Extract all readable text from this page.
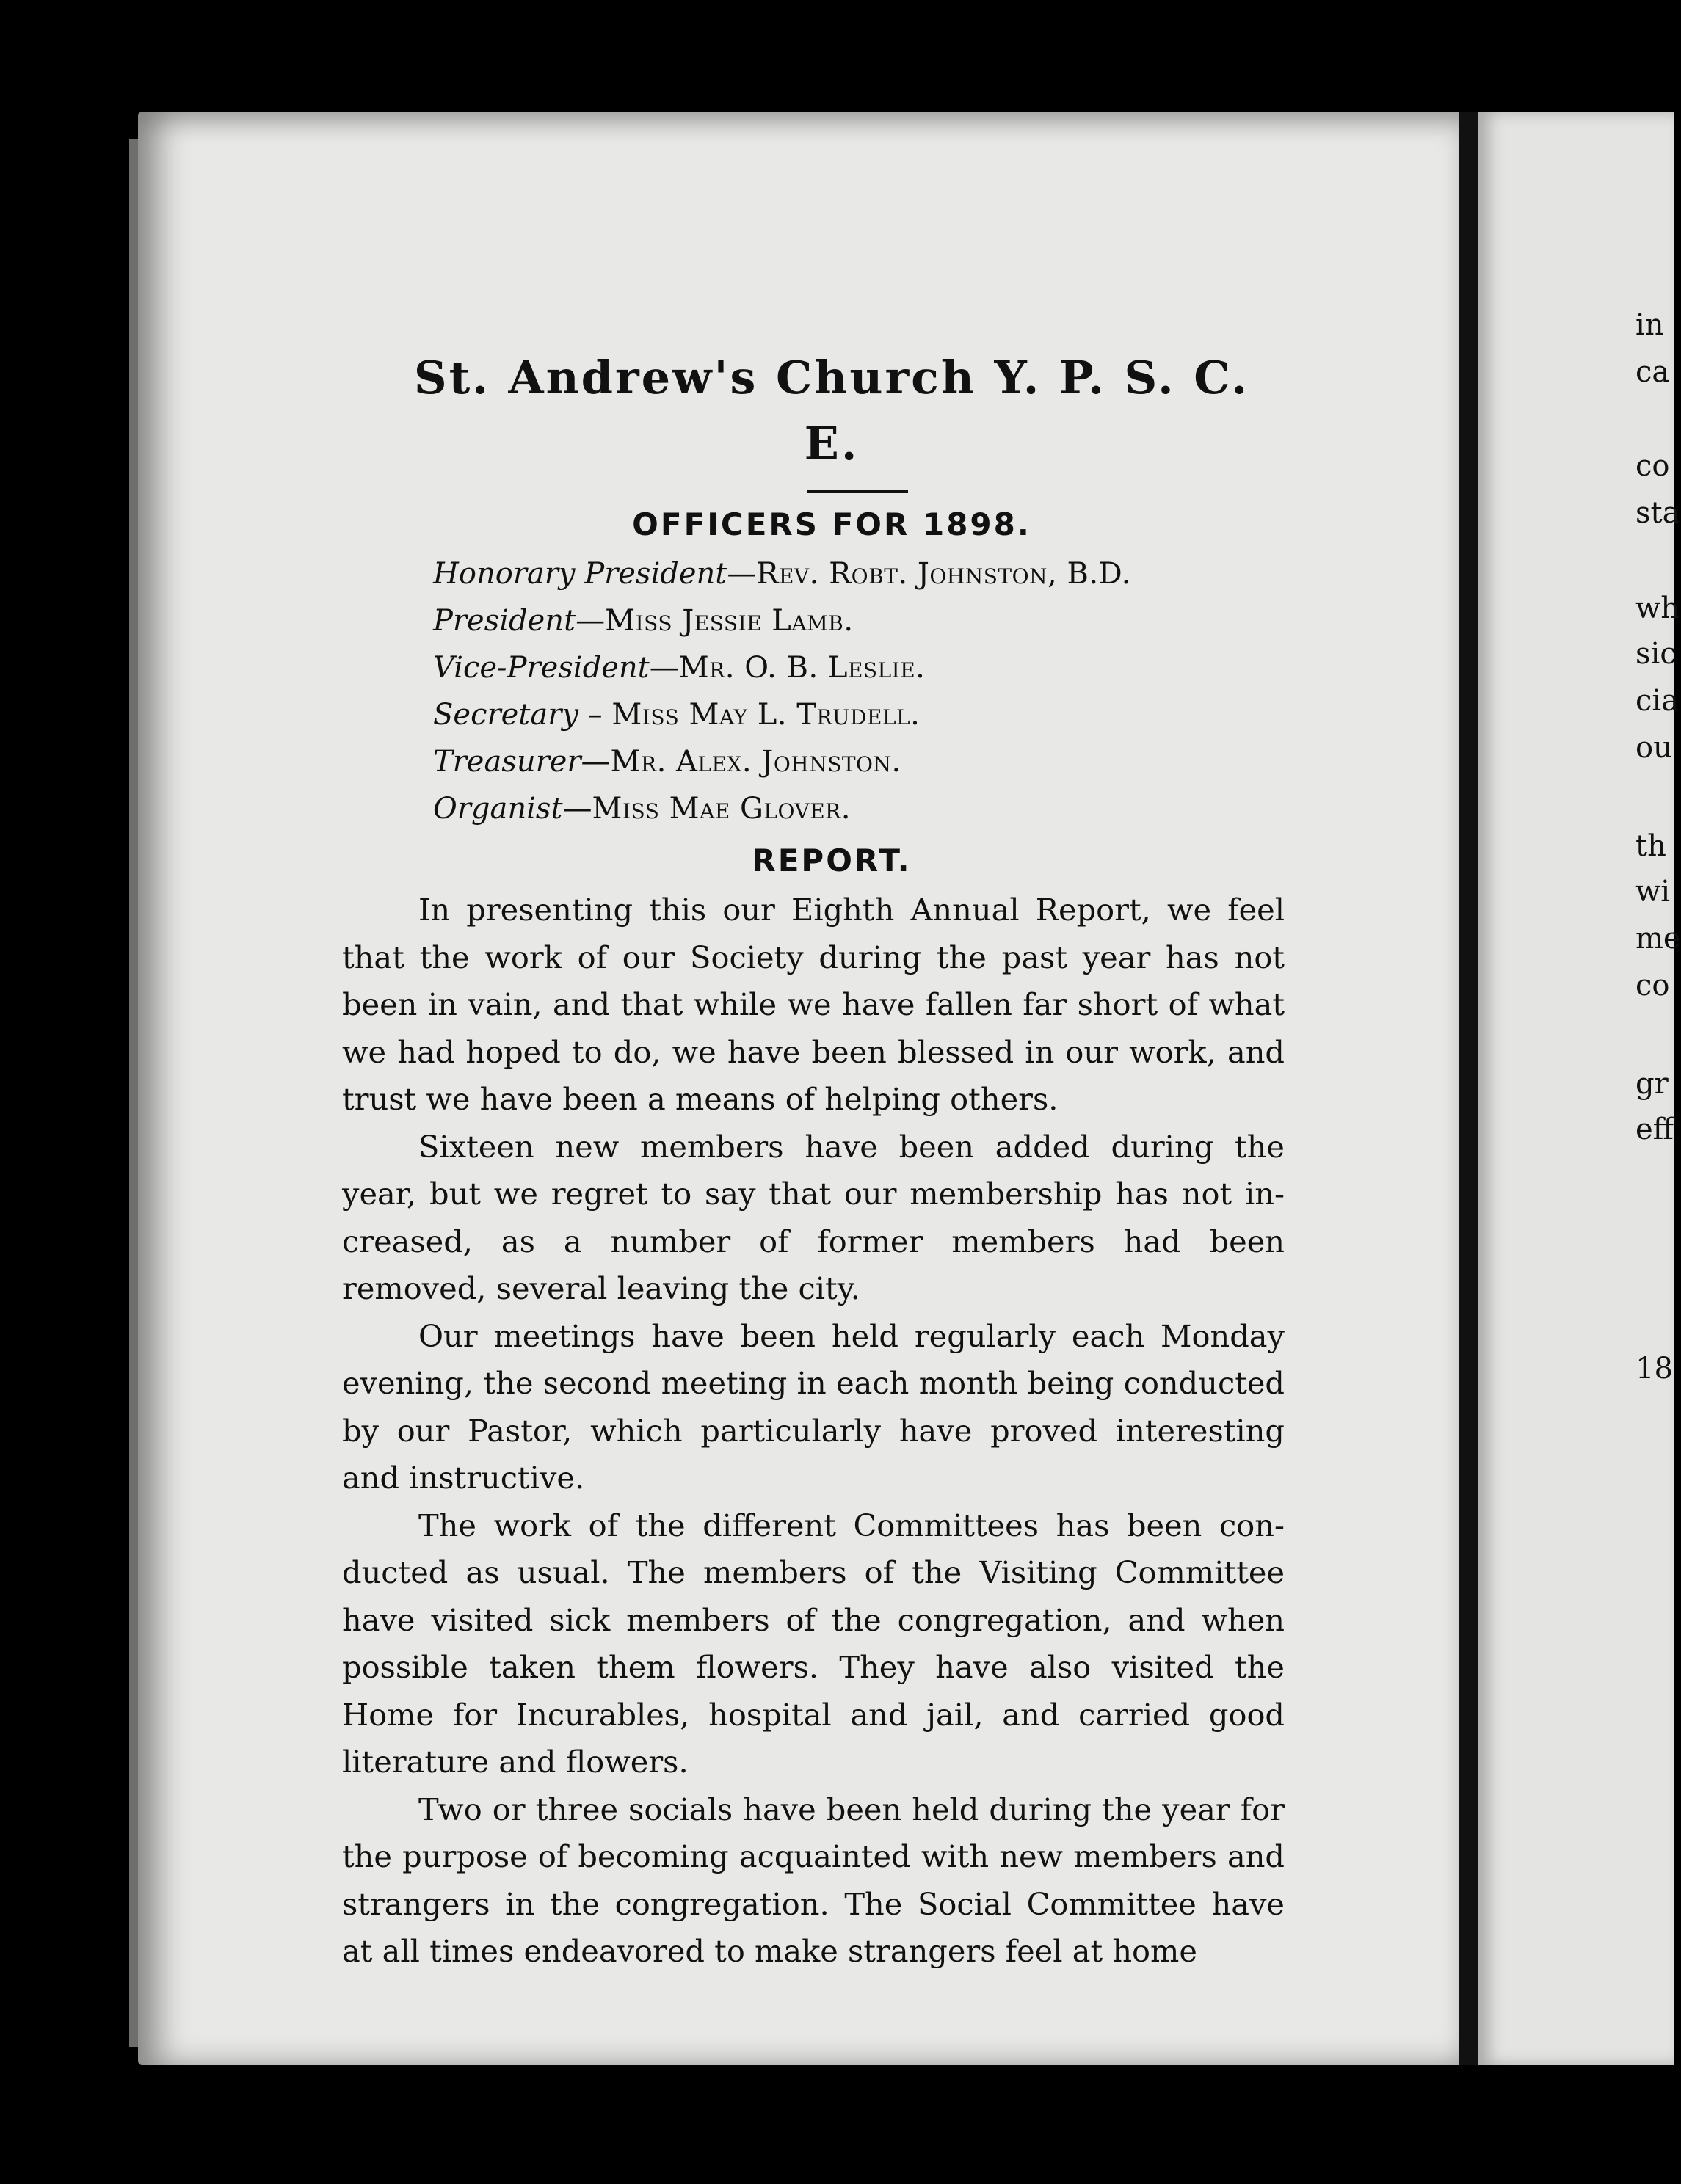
in
ca
co
sta
wh
sic
cia
ou
th
wi
me
co
gr
eff
18
St. Andrew's Church Y. P. S. C. E.
OFFICERS FOR 1898.
Honorary President—Rev. Robt. Johnston, B.D.
President—Miss Jessie Lamb.
Vice-President—Mr. O. B. Leslie.
Secretary – Miss May L. Trudell.
Treasurer—Mr. Alex. Johnston.
Organist—Miss Mae Glover.
REPORT.

In presenting this our Eighth Annual Report, we feel that the work of our Society during the past year has not been in vain, and that while we have fallen far short of what we had hoped to do, we have been blessed in our work, and trust we have been a means of helping others.

Sixteen new members have been added during the year, but we regret to say that our membership has not increased, as a number of former members had been removed, several leaving the city.

Our meetings have been held regularly each Monday evening, the second meeting in each month being conducted by our Pastor, which particularly have proved interesting and instructive.

The work of the different Committees has been conducted as usual. The members of the Visiting Committee have visited sick members of the congregation, and when possible taken them flowers. They have also visited the Home for Incurables, hospital and jail, and carried good literature and flowers.

Two or three socials have been held during the year for the purpose of becoming acquainted with new members and strangers in the congregation. The Social Committee have at all times endeavored to make strangers feel at home
